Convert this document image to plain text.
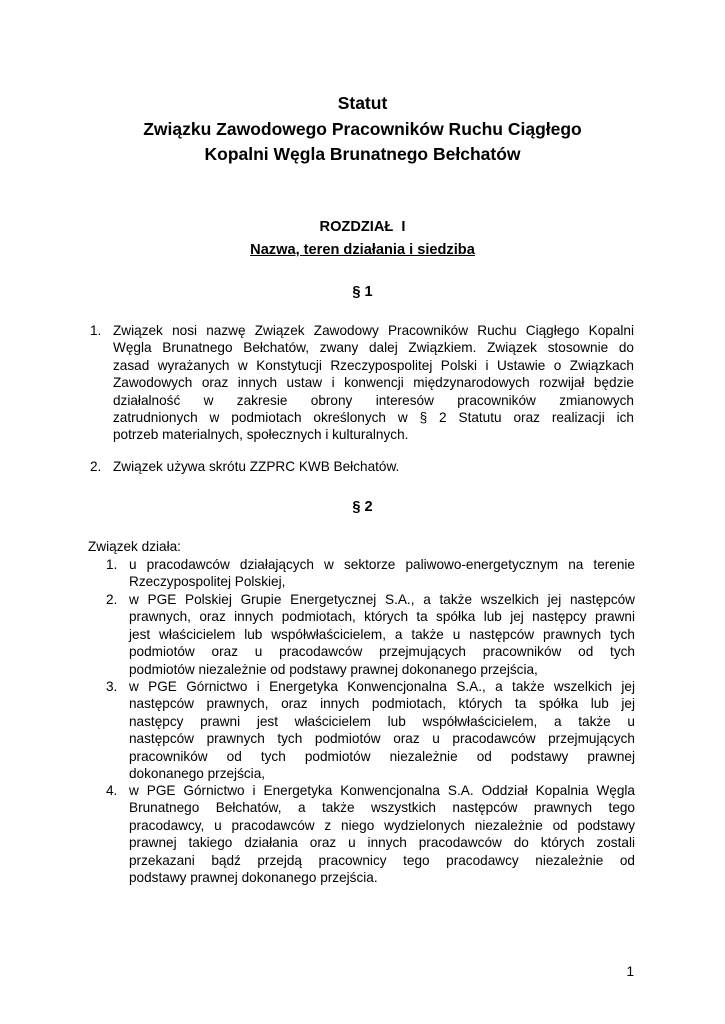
Statut
Związku Zawodowego Pracowników Ruchu Ciągłego
Kopalni Węgla Brunatnego Bełchatów
ROZDZIAŁ  I
Nazwa, teren działania i siedziba
§ 1
1. Związek nosi nazwę Związek Zawodowy Pracowników Ruchu Ciągłego Kopalni
Węgla Brunatnego Bełchatów, zwany dalej Związkiem. Związek stosownie do
zasad wyrażanych w Konstytucji Rzeczypospolitej Polski i Ustawie o Związkach
Zawodowych oraz innych ustaw i konwencji międzynarodowych rozwijał będzie
działalność w zakresie obrony interesów pracowników zmianowych
zatrudnionych w podmiotach określonych w § 2 Statutu oraz realizacji ich
potrzeb materialnych, społecznych i kulturalnych.
2. Związek używa skrótu ZZPRC KWB Bełchatów.
§ 2
Związek działa:
1. u pracodawców działających w sektorze paliwowo-energetycznym na terenie
Rzeczypospolitej Polskiej,
2. w PGE Polskiej Grupie Energetycznej S.A., a także wszelkich jej następców
prawnych, oraz innych podmiotach, których ta spółka lub jej następcy prawni
jest właścicielem lub współwłaścicielem, a także u następców prawnych tych
podmiotów oraz u pracodawców przejmujących pracowników od tych
podmiotów niezależnie od podstawy prawnej dokonanego przejścia,
3. w PGE Górnictwo i Energetyka Konwencjonalna S.A., a także wszelkich jej
następców prawnych, oraz innych podmiotach, których ta spółka lub jej
następcy prawni jest właścicielem lub współwłaścicielem, a także u
następców prawnych tych podmiotów oraz u pracodawców przejmujących
pracowników od tych podmiotów niezależnie od podstawy prawnej
dokonanego przejścia,
4. w PGE Górnictwo i Energetyka Konwencjonalna S.A. Oddział Kopalnia Węgla
Brunatnego Bełchatów, a także wszystkich następców prawnych tego
pracodawcy, u pracodawców z niego wydzielonych niezależnie od podstawy
prawnej takiego działania oraz u innych pracodawców do których zostali
przekazani bądź przejdą pracownicy tego pracodawcy niezależnie od
podstawy prawnej dokonanego przejścia.
1
